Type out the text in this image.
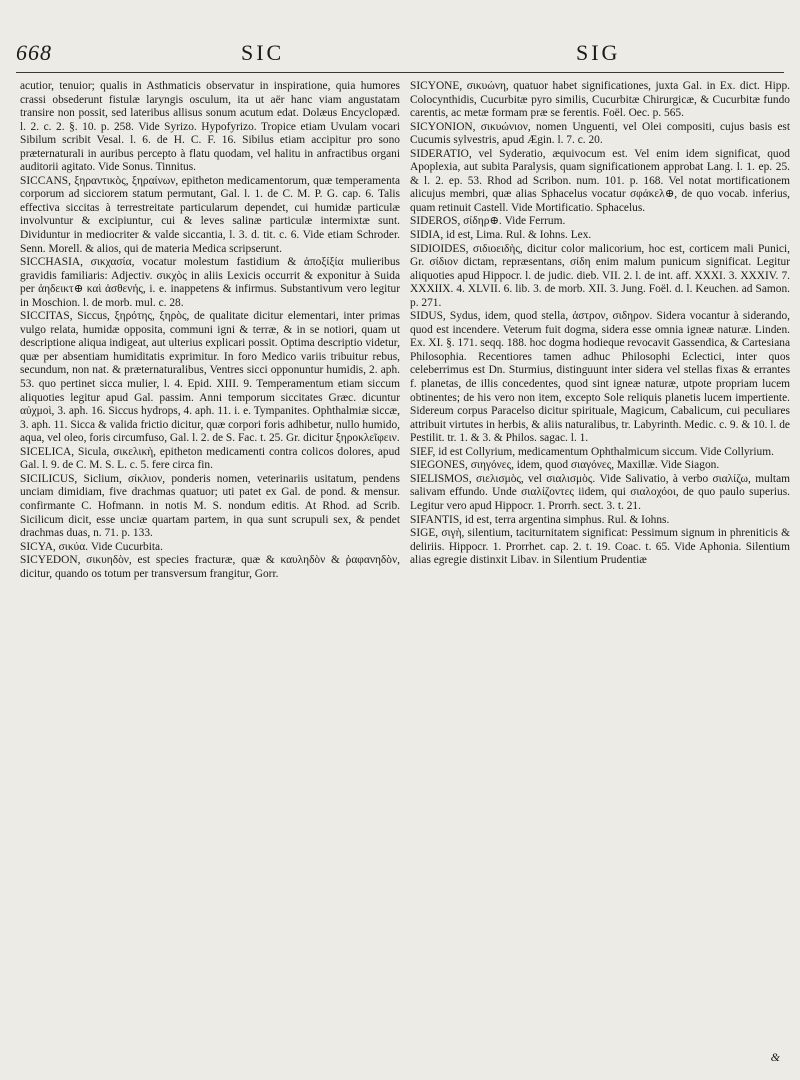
668	SIC	SIG

acutior, tenuior; qualis in Asthmaticis observatur in inspiratione, quia humores crassi obsederunt fistulæ laryngis osculum, ita ut aër hanc viam angustatam transire non possit, sed lateribus allisus sonum acutum edat. Dolæus Encyclopæd. l. 2. c. 2. §. 10. p. 258. Vide Syrizo. Hypofyrizo. Tropice etiam Uvulam vocari Sibilum scribit Vesal. l. 6. de H. C. F. 16. Sibilus etiam accipitur pro sono præternaturali in auribus percepto à flatu quodam, vel halitu in anfractibus organi auditorii agitato. Vide Sonus. Tinnitus.

SICCANS, ξηραντικὸς, ξηραίνων, epitheton medicamentorum, quæ temperamenta corporum ad sicciorem statum permutant, Gal. l. 1. de C. M. P. G. cap. 6. Talis effectiva siccitas à terrestreitate particularum dependet, cui humidæ particulæ involvuntur & excipiuntur, cui & leves salinæ particulæ intermixtæ sunt. Dividuntur in mediocriter & valde siccantia, l. 3. d. tit. c. 6. Vide etiam Schroder. Senn. Morell. & alios, qui de materia Medica scripserunt.

SICCHASIA, σικχασία, vocatur molestum fastidium & ἀποξίξία mulieribus gravidis familiaris: Adjectiv. σικχὸς in aliis Lexicis occurrit & exponitur à Suida per ἀηδεικτ⊕ καὶ ἀσθενής, i. e. inappetens & infirmus. Substantivum vero legitur in Moschion. l. de morb. mul. c. 28.

SICCITAS, Siccus, ξηρότης, ξηρὸς, de qualitate dicitur elementari, inter primas vulgo relata, humidæ opposita, communi igni & terræ, & in se notiori, quam ut descriptione aliqua indigeat, aut ulterius explicari possit. Optima descriptio videtur, quæ per absentiam humiditatis exprimitur. In foro Medico variis tribuitur rebus, secundum, non nat. & præternaturalibus, Ventres sicci opponuntur humidis, 2. aph. 53. quo pertinet sicca mulier, l. 4. Epid. XIII. 9. Temperamentum etiam siccum aliquoties legitur apud Gal. passim. Anni temporum siccitates Græc. dicuntur αὐχμοὶ, 3. aph. 16. Siccus hydrops, 4. aph. 11. i. e. Tympanites. Ophthalmiæ siccæ, 3. aph. 11. Sicca & valida frictio dicitur, quæ corpori foris adhibetur, nullo humido, aqua, vel oleo, foris circumfuso, Gal. l. 2. de S. Fac. t. 25. Gr. dicitur ξηροκλεῖφειν.

SICELICA, Sicula, σικελικὴ, epitheton medicamenti contra colicos dolores, apud Gal. l. 9. de C. M. S. L. c. 5. fere circa fin.

SICILICUS, Siclium, σίκλιον, ponderis nomen, veterinariis usitatum, pendens unciam dimidiam, five drachmas quatuor; uti patet ex Gal. de pond. & mensur. confirmante C. Hofmann. in notis M. S. nondum editis. At Rhod. ad Scrib. Sicilicum dicit, esse unciæ quartam partem, in qua sunt scrupuli sex, & pendet drachmas duas, n. 71. p. 133.

SICYA, σικύα. Vide Cucurbita.

SICYEDON, σικυηδὸν, est species fracturæ, quæ & καυληδὸν & ῥαφανηδὸν, dicitur, quando os totum per transversum frangitur, Gorr.

SICYONE, σικυώνη, quatuor habet significationes, juxta Gal. in Ex. dict. Hipp. Colocynthidis, Cucurbitæ pyro similis, Cucurbitæ Chirurgicæ, & Cucurbitæ fundo carentis, ac metæ formam præ se ferentis. Foël. Oec. p. 565.

SICYONION, σικυώνιον, nomen Unguenti, vel Olei compositi, cujus basis est Cucumis sylvestris, apud Ægin. l. 7. c. 20.

SIDERATIO, vel Syderatio, æquivocum est. Vel enim idem significat, quod Apoplexia, aut subita Paralysis, quam significationem approbat Lang. l. 1. ep. 25. & l. 2. ep. 53. Rhod ad Scribon. num. 101. p. 168. Vel notat mortificationem alicujus membri, quæ alias Sphacelus vocatur σφάκελ⊕, de quo vocab. inferius, quam retinuit Castell. Vide Mortificatio. Sphacelus.

SIDEROS, σίδηρ⊕. Vide Ferrum.

SIDIA, id est, Lima. Rul. & Iohns. Lex.

SIDIOIDES, σιδιοειδὴς, dicitur color malicorium, hoc est, corticem mali Punici, Gr. σίδιον dictam, repræsentans, σίδη enim malum punicum significat. Legitur aliquoties apud Hippocr. l. de judic. dieb. VII. 2. l. de int. aff. XXXI. 3. XXXIV. 7. XXXIIX. 4. XLVII. 6. lib. 3. de morb. XII. 3. Jung. Foël. d. l. Keuchen. ad Samon. p. 271.

SIDUS, Sydus, idem, quod stella, ἀστρον, σιδηρον. Sidera vocantur à siderando, quod est incendere. Veterum fuit dogma, sidera esse omnia igneæ naturæ. Linden. Ex. XI. §. 171. seqq. 188. hoc dogma hodieque revocavit Gassendica, & Cartesiana Philosophia. Recentiores tamen adhuc Philosophi Eclectici, inter quos celeberrimus est Dn. Sturmius, distinguunt inter sidera vel stellas fixas & errantes f. planetas, de illis concedentes, quod sint igneæ naturæ, utpote propriam lucem obtinentes; de his vero non item, excepto Sole reliquis planetis lucem impertiente. Sidereum corpus Paracelso dicitur spirituale, Magicum, Cabalicum, cui peculiares attribuit virtutes in herbis, & aliis naturalibus, tr. Labyrinth. Medic. c. 9. & 10. l. de Pestilit. tr. 1. & 3. & Philos. sagac. l. 1.

SIEF, id est Collyrium, medicamentum Ophthalmicum siccum. Vide Collyrium.

SIEGONES, σιηγόνες, idem, quod σιαγόνες, Maxillæ. Vide Siagon.

SIELISMOS, σιελισμὸς, vel σιαλισμὸς. Vide Salivatio, à verbo σιαλίζω, multam salivam effundo. Unde σιαλίζοντες iidem, qui σιαλοχόοι, de quo paulo superius. Legitur vero apud Hippocr. 1. Prorrh. sect. 3. t. 21.

SIFANTIS, id est, terra argentina simphus. Rul. & Iohns.

SIGE, σιγὴ, silentium, taciturnitatem significat: Pessimum signum in phreniticis & deliriis. Hippocr. 1. Prorrhet. cap. 2. t. 19. Coac. t. 65. Vide Aphonia. Silentium alias egregie distinxit Libav. in Silentium Prudentiæ

&
